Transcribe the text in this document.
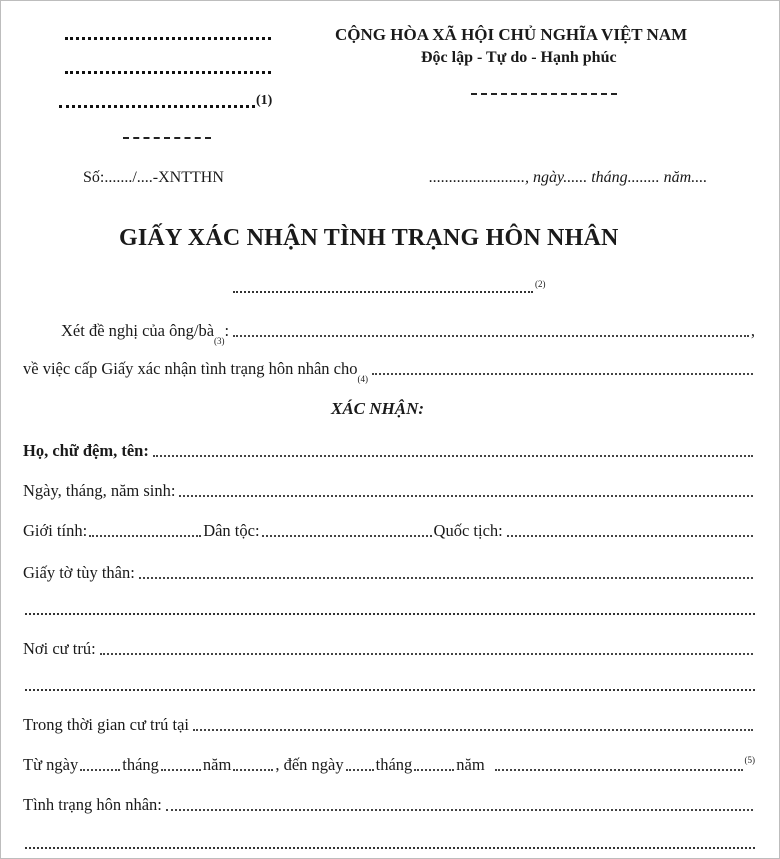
(1)
CỘNG HÒA XÃ HỘI CHỦ NGHĨA VIỆT NAM
Độc lập - Tự do - Hạnh phúc
Số:......./....-XNTTHN	........................, ngày...... tháng........ năm....
GIẤY XÁC NHẬN TÌNH TRẠNG HÔN NHÂN
(2)
Xét đề nghị của ông/bà
(3)
:	,
về việc cấp Giấy xác nhận tình trạng hôn nhân cho
(4)
XÁC NHẬN:
Họ, chữ đệm, tên:
Ngày, tháng, năm sinh:
Giới tính:	Dân tộc:	Quốc tịch:
Giấy tờ tùy thân:
Nơi cư trú:
Trong thời gian cư trú tại
Từ ngày	tháng	năm	, đến ngày tháng	năm	(5)
Tình trạng hôn nhân:
